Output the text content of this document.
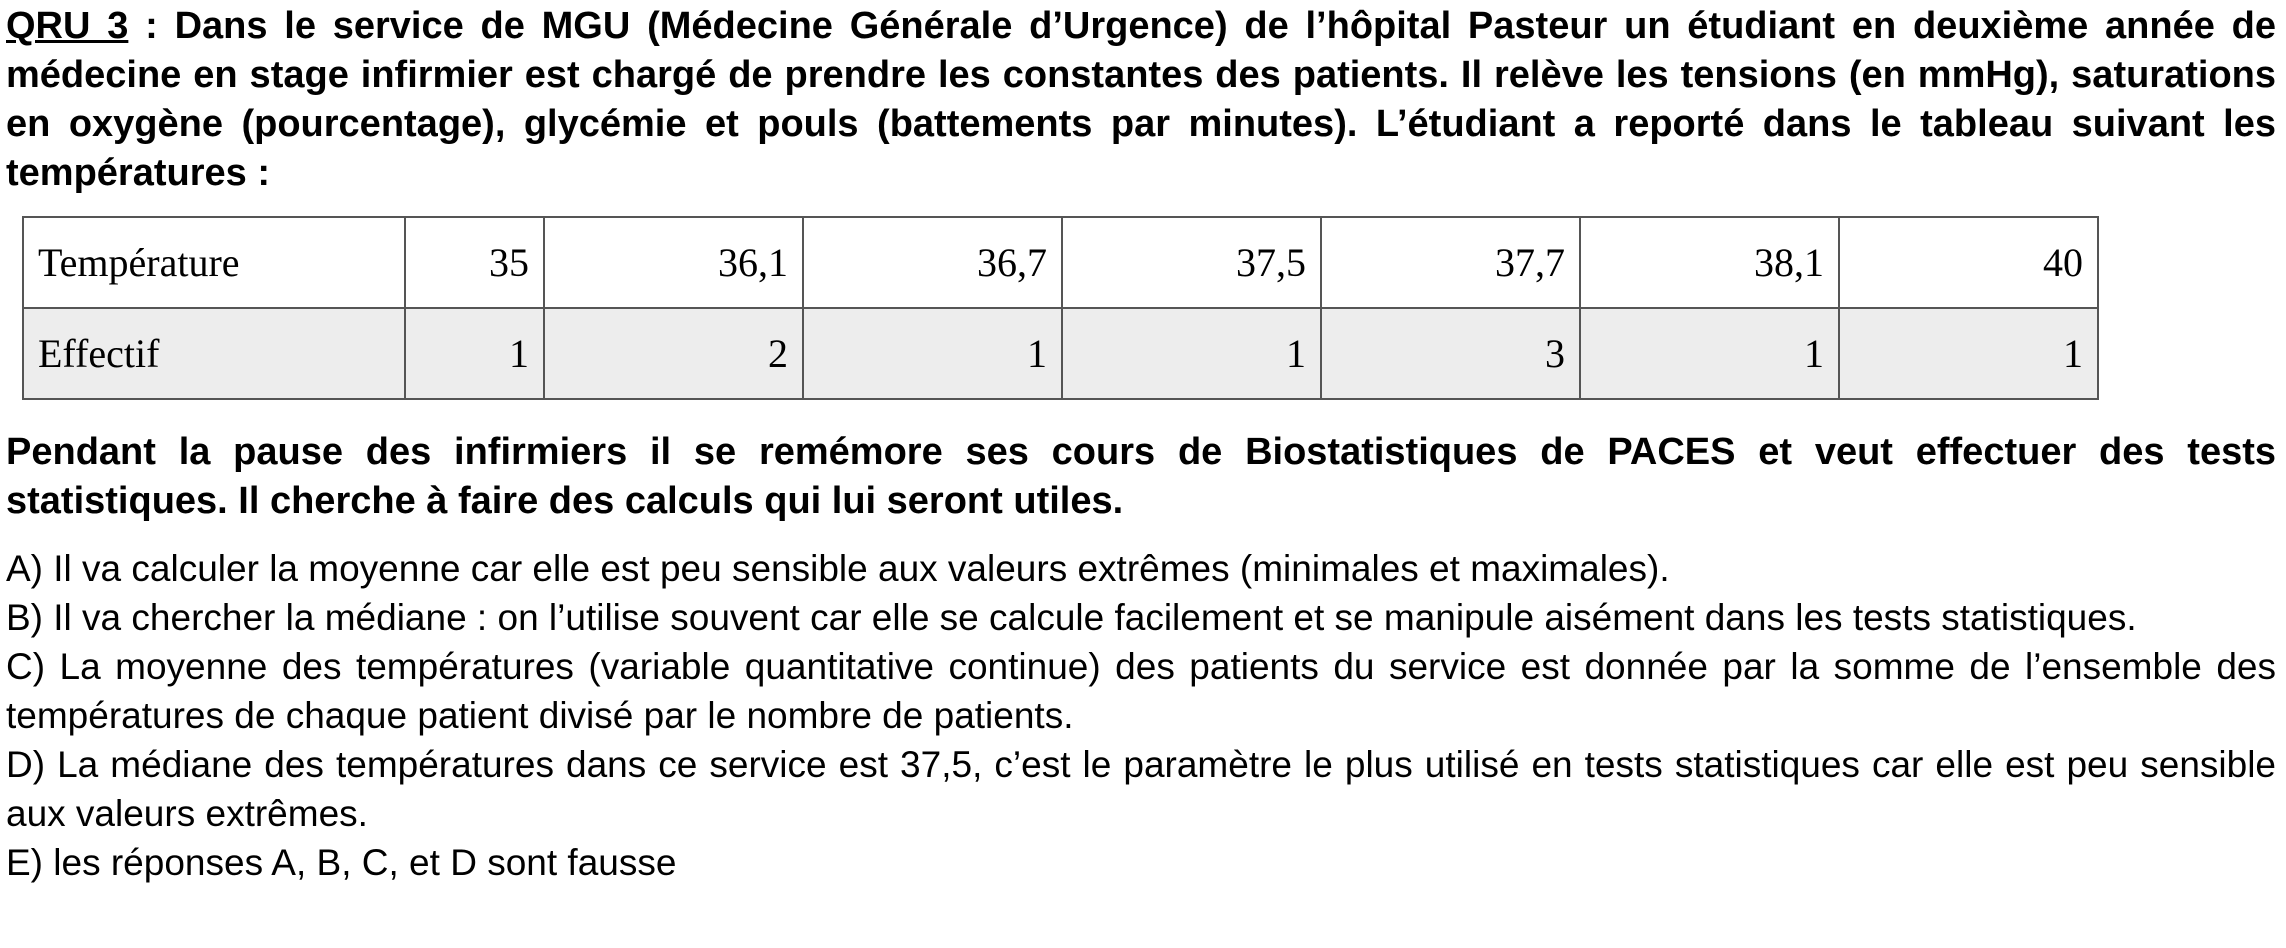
QRU 3 : Dans le service de MGU (Médecine Générale d’Urgence) de l’hôpital Pasteur un étudiant en deuxième année de médecine en stage infirmier est chargé de prendre les constantes des patients. Il relève les tensions (en mmHg), saturations en oxygène (pourcentage), glycémie et pouls (battements par minutes). L’étudiant a reporté dans le tableau suivant les températures :

Température	35	36,1	36,7	37,5	37,7	38,1	40
Effectif	1	2	1	1	3	1	1

Pendant la pause des infirmiers il se remémore ses cours de Biostatistiques de PACES et veut effectuer des tests statistiques. Il cherche à faire des calculs qui lui seront utiles.

A) Il va calculer la moyenne car elle est peu sensible aux valeurs extrêmes (minimales et maximales).

B) Il va chercher la médiane : on l’utilise souvent car elle se calcule facilement et se manipule aisément dans les tests statistiques.

C) La moyenne des températures (variable quantitative continue) des patients du service est donnée par la somme de l’ensemble des températures de chaque patient divisé par le nombre de patients.

D) La médiane des températures dans ce service est 37,5, c’est le paramètre le plus utilisé en tests statistiques car elle est peu sensible aux valeurs extrêmes.

E) les réponses A, B, C, et D sont fausse
